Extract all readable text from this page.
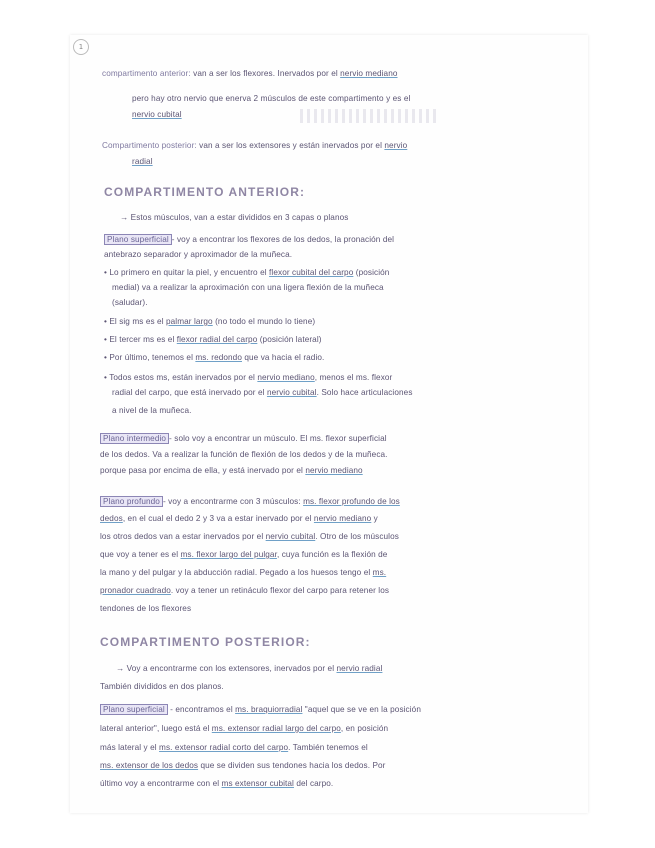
1
compartimento anterior: van a ser los flexores. Inervados por el nervio mediano
pero hay otro nervio que enerva 2 músculos de este compartimento y es el
nervio cubital
Compartimento posterior: van a ser los extensores y están inervados por el nervio
radial
COMPARTIMENTO ANTERIOR:
→ Estos músculos, van a estar divididos en 3 capas o planos
Plano superficial - voy a encontrar los flexores de los dedos, la pronación del
antebrazo separador y aproximador de la muñeca.
• Lo primero en quitar la piel, y encuentro el flexor cubital del carpo (posición
medial) va a realizar la aproximación con una ligera flexión de la muñeca
(saludar).
• El sig ms es el palmar largo (no todo el mundo lo tiene)
• El tercer ms es el flexor radial del carpo (posición lateral)
• Por último, tenemos el ms. redondo que va hacia el radio.
• Todos estos ms, están inervados por el nervio mediano, menos el ms. flexor
radial del carpo, que está inervado por el nervio cubital. Solo hace articulaciones
a nivel de la muñeca.
Plano intermedio - solo voy a encontrar un músculo. El ms. flexor superficial
de los dedos. Va a realizar la función de flexión de los dedos y de la muñeca.
porque pasa por encima de ella, y está inervado por el nervio mediano
Plano profundo - voy a encontrarme con 3 músculos: ms. flexor profundo de los
dedos, en el cual el dedo 2 y 3 va a estar inervado por el nervio mediano y
los otros dedos van a estar inervados por el nervio cubital. Otro de los músculos
que voy a tener es el ms. flexor largo del pulgar, cuya función es la flexión de
la mano y del pulgar y la abducción radial. Pegado a los huesos tengo el ms.
pronador cuadrado. voy a tener un retináculo flexor del carpo para retener los
tendones de los flexores
COMPARTIMENTO POSTERIOR:
→ Voy a encontrarme con los extensores, inervados por el nervio radial
También divididos en dos planos.
Plano superficial - encontramos el ms. braquiorradial "aquel que se ve en la posición
lateral anterior", luego está el ms. extensor radial largo del carpo, en posición
más lateral y el ms. extensor radial corto del carpo. También tenemos el
ms. extensor de los dedos que se dividen sus tendones hacia los dedos. Por
último voy a encontrarme con el ms extensor cubital del carpo.
